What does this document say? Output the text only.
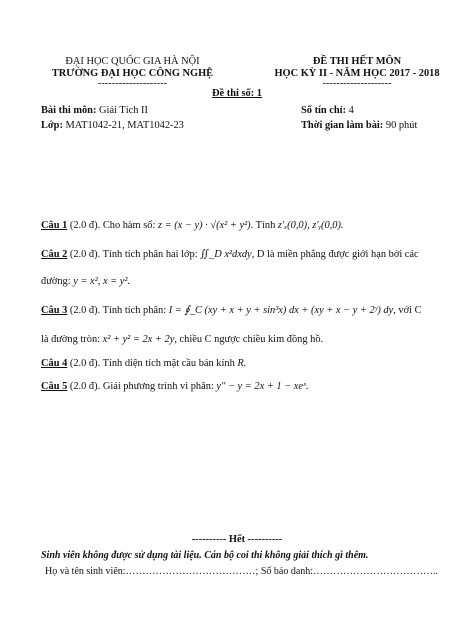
ĐẠI HỌC QUỐC GIA HÀ NỘI
TRƯỜNG ĐẠI HỌC CÔNG NGHỆ
--------------------
ĐỀ THI HẾT MÔN
HỌC KỲ II - NĂM HỌC 2017 - 2018
--------------------
Đề thi số: 1
Bài thi môn: Giải Tích II	Số tín chỉ: 4
Lớp: MAT1042-21, MAT1042-23	Thời gian làm bài: 90 phút
Câu 1 (2.0 đ). Cho hàm số: z = (x − y) · √(x² + y²). Tính z′ₓ(0,0), z′ᵧ(0,0).
Câu 2 (2.0 đ). Tính tích phân hai lớp: ∬_D x²dxdy, D là miền phẳng được giới hạn bởi các
đường: y = x², x = y².
Câu 3 (2.0 đ). Tính tích phân: I = ∮_C (xy + x + y + sin³x) dx + (xy + x − y + 2ʸ) dy, với C
là đường tròn: x² + y² = 2x + 2y, chiều C ngược chiều kim đồng hồ.
Câu 4 (2.0 đ). Tính diện tích mặt cầu bán kính R.
Câu 5 (2.0 đ). Giải phương trình vi phân: y″ − y = 2x + 1 − xeˣ.
---------- Hết ----------
Sinh viên không được sử dụng tài liệu. Cán bộ coi thi không giải thích gì thêm.
Họ và tên sinh viên:…………………………………; Số báo danh:………………………………..
